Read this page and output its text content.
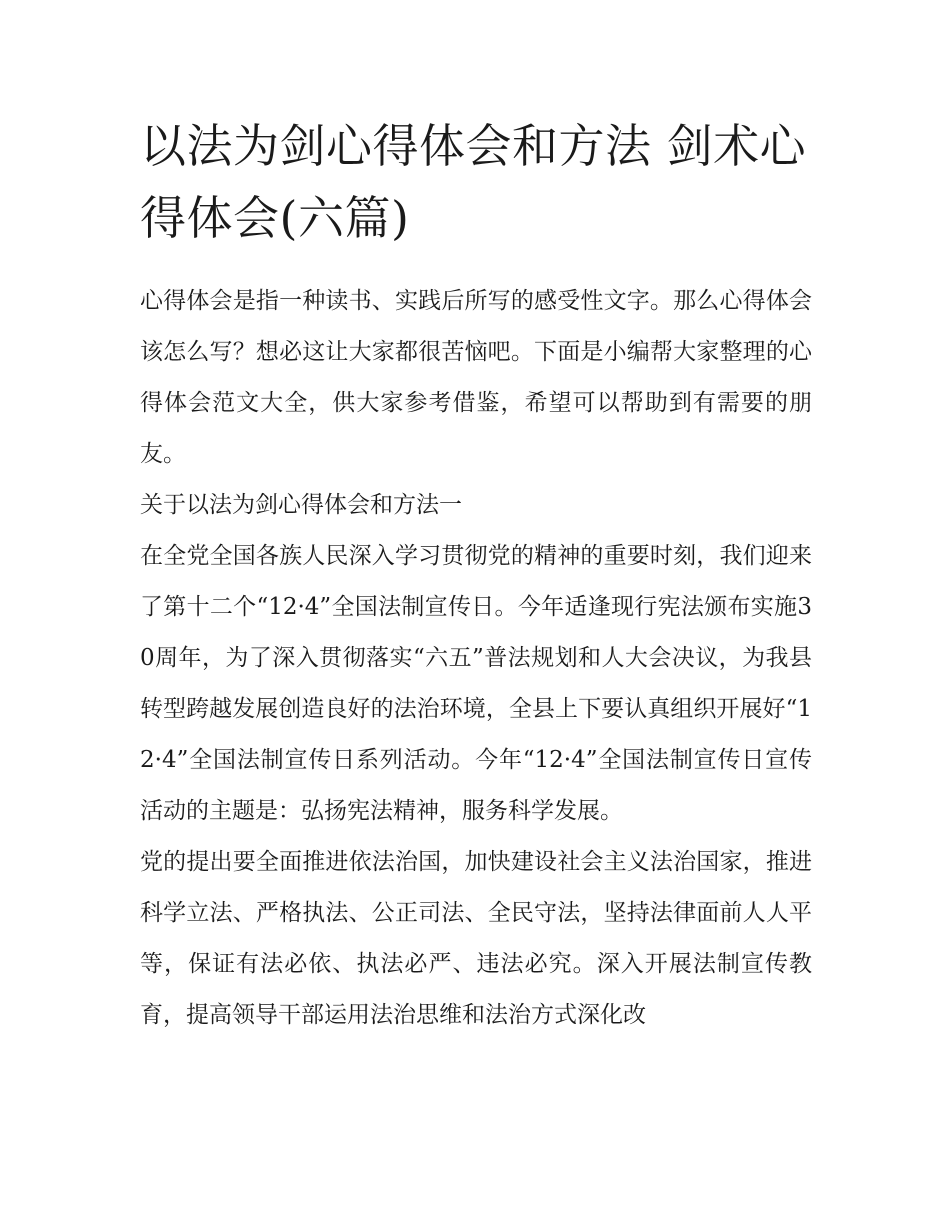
以法为剑心得体会和方法 剑术心得体会(六篇)

心得体会是指一种读书、实践后所写的感受性文字。那么心得体会该怎么写？想必这让大家都很苦恼吧。下面是小编帮大家整理的心得体会范文大全，供大家参考借鉴，希望可以帮助到有需要的朋友。

关于以法为剑心得体会和方法一

在全党全国各族人民深入学习贯彻党的精神的重要时刻，我们迎来了第十二个“12·4”全国法制宣传日。今年适逢现行宪法颁布实施30周年，为了深入贯彻落实“六五”普法规划和人大会决议，为我县转型跨越发展创造良好的法治环境，全县上下要认真组织开展好“12·4”全国法制宣传日系列活动。今年“12·4”全国法制宣传日宣传活动的主题是：弘扬宪法精神，服务科学发展。

党的提出要全面推进依法治国，加快建设社会主义法治国家，推进科学立法、严格执法、公正司法、全民守法，坚持法律面前人人平等，保证有法必依、执法必严、违法必究。深入开展法制宣传教育，提高领导干部运用法治思维和法治方式深化改
